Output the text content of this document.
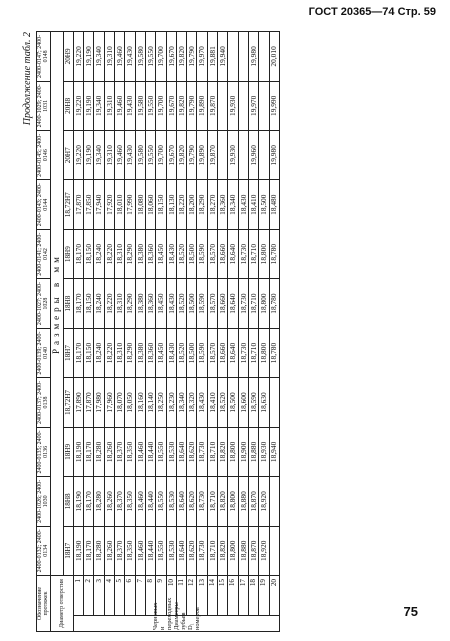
ГОСТ 20365—74 Стр. 59
Продолжение табл. 2
Обозначение протяжек		2400-0132; 2400-0134	2400-1026; 2400-1030	2400-0135; 2400-0136	2400-0137; 2400-0138	2400-0139; 2400-0140	2400-1027; 2400-1028	2400-0141; 2400-0142	2400-0143; 2400-0144	2400-0145; 2400-0146	2400-1029; 2400-1031	2400-0147; 2400-0148
Диаметр отверстия		Размеры в мм										
		18H7	18H8	18H9	18,72H7	18H7	18H8	18H9	18,72H7	20H7	20H8	20H9

Черновых и переходных Диаметры зубьев D₁ номеров	1	18,190	18,190	18,190	17,890	18,170	18,170	18,170	17,870	19,220	19,220	19,220
	2	18,170	18,170	18,170	17,870	18,150	18,150	18,150	17,850	19,190	19,190	19,190
	3	18,280	18,280	18,280	17,980	18,240	18,240	18,240	17,940	19,340	19,340	19,340
	4	18,260	18,260	18,260	17,960	18,220	18,220	18,220	17,920	19,310	19,310	19,310
	5	18,370	18,370	18,370	18,070	18,310	18,310	18,310	18,010	19,460	19,460	19,460
	6	18,350	18,350	18,350	18,050	18,290	18,290	18,290	17,990	19,430	19,430	19,430
	7	18,460	18,460	18,460	18,160	18,380	18,380	18,380	18,080	19,580	19,580	19,580
	8	18,440	18,440	18,440	18,140	18,360	18,360	18,360	18,060	19,550	19,550	19,550
	9	18,550	18,550	18,550	18,250	18,450	18,450	18,450	18,150	19,700	19,700	19,700
	10	18,530	18,530	18,530	18,230	18,430	18,430	18,430	18,130	19,670	19,670	19,670
	11	18,640	18,640	18,640	18,340	18,520	18,520	18,520	18,220	19,820	19,820	19,820
	12	18,620	18,620	18,620	18,320	18,500	18,500	18,500	18,200	19,790	19,790	19,790
	13	18,730	18,730	18,730	18,430	18,590	18,590	18,590	18,290	19,890	19,890	19,970
	14	18,710	18,710	18,710	18,410	18,570	18,570	18,570	18,270	19,870	19,870	19,881
	15	18,820	18,820	18,820	18,520	18,660	18,660	18,660	18,360			19,940
	16	18,800	18,800	18,800	18,500	18,640	18,640	18,640	18,340	19,930	19,930	
	17	18,880	18,880	18,900	18,600	18,730	18,730	18,730	18,430			
	18	18,870	18,870	18,880	18,590	18,710	18,710	18,710	18,410	19,960	19,970	19,980
	19	18,920	18,920	18,930	18,630	18,800	18,800	18,800	18,500			
	20			18,940		18,780	18,780	18,780	18,480	19,980	19,990	20,010
75
